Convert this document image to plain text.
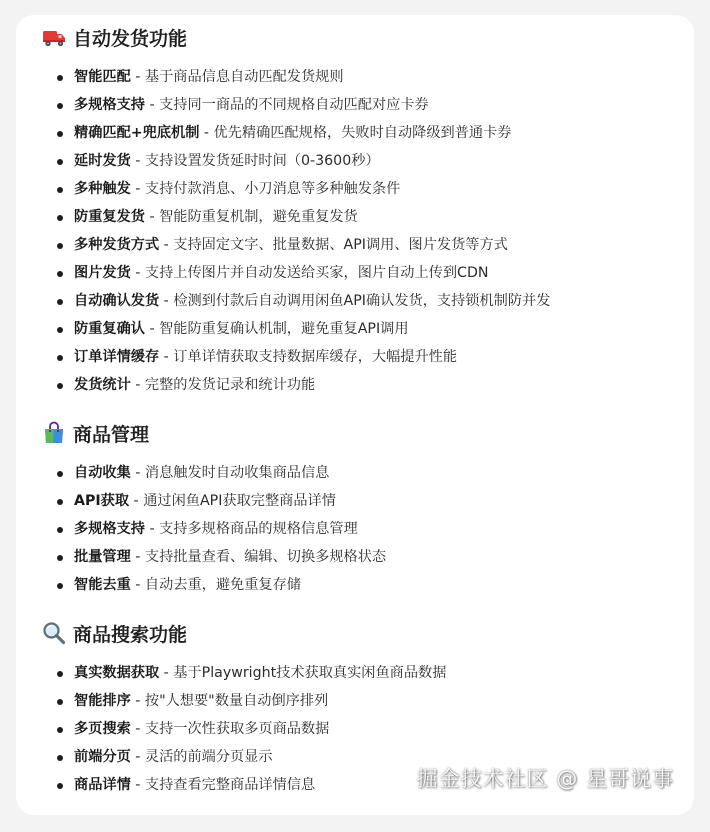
自动发货功能
智能匹配 - 基于商品信息自动匹配发货规则
多规格支持 - 支持同一商品的不同规格自动匹配对应卡券
精确匹配+兜底机制 - 优先精确匹配规格，失败时自动降级到普通卡券
延时发货 - 支持设置发货延时时间（0-3600秒）
多种触发 - 支持付款消息、小刀消息等多种触发条件
防重复发货 - 智能防重复机制，避免重复发货
多种发货方式 - 支持固定文字、批量数据、API调用、图片发货等方式
图片发货 - 支持上传图片并自动发送给买家，图片自动上传到CDN
自动确认发货 - 检测到付款后自动调用闲鱼API确认发货，支持锁机制防并发
防重复确认 - 智能防重复确认机制，避免重复API调用
订单详情缓存 - 订单详情获取支持数据库缓存，大幅提升性能
发货统计 - 完整的发货记录和统计功能
商品管理
自动收集 - 消息触发时自动收集商品信息
API获取 - 通过闲鱼API获取完整商品详情
多规格支持 - 支持多规格商品的规格信息管理
批量管理 - 支持批量查看、编辑、切换多规格状态
智能去重 - 自动去重，避免重复存储
商品搜索功能
真实数据获取 - 基于Playwright技术获取真实闲鱼商品数据
智能排序 - 按"人想要"数量自动倒序排列
多页搜索 - 支持一次性获取多页商品数据
前端分页 - 灵活的前端分页显示
商品详情 - 支持查看完整商品详情信息	掘金技术社区 @ 星哥说事
